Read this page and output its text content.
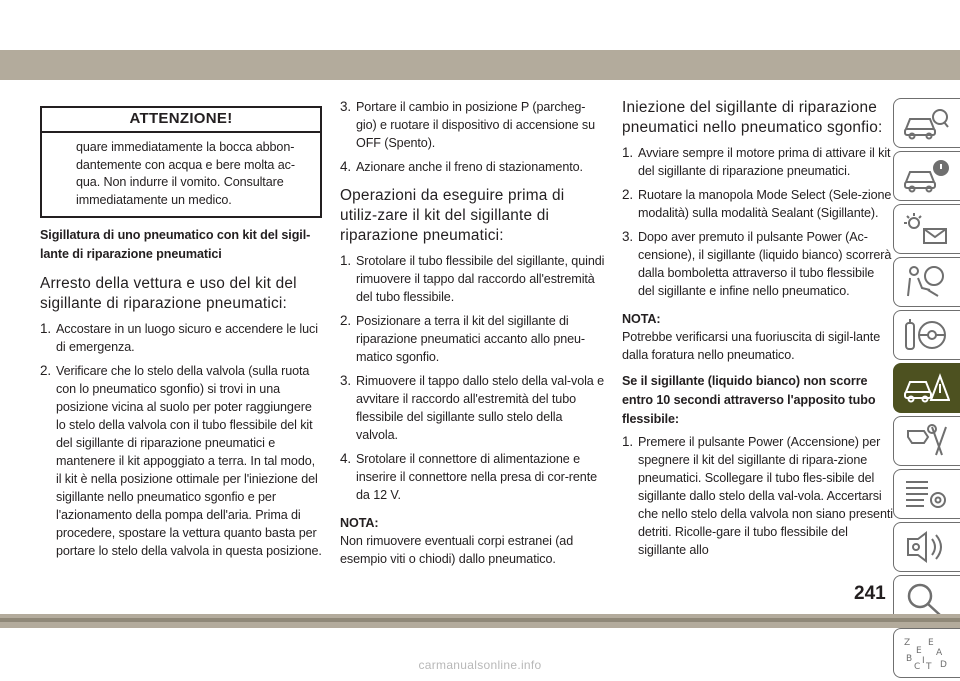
ATTENZIONE!
quare immediatamente la bocca abbon-dantemente con acqua e bere molta ac-qua. Non indurre il vomito. Consultare immediatamente un medico.
Sigillatura di uno pneumatico con kit del sigil-lante di riparazione pneumatici
Arresto della vettura e uso del kit del sigillante di riparazione pneumatici:
1. Accostare in un luogo sicuro e accendere le luci di emergenza.
2. Verificare che lo stelo della valvola (sulla ruota con lo pneumatico sgonfio) si trovi in una posizione vicina al suolo per poter raggiungere lo stelo della valvola con il tubo flessibile del kit del sigillante di riparazione pneumatici e mantenere il kit appoggiato a terra. In tal modo, il kit è nella posizione ottimale per l'iniezione del sigillante nello pneumatico sgonfio e per l'azionamento della pompa dell'aria. Prima di procedere, spostare la vettura quanto basta per portare lo stelo della valvola in questa posizione.
3. Portare il cambio in posizione P (parcheg-gio) e ruotare il dispositivo di accensione su OFF (Spento).
4. Azionare anche il freno di stazionamento.
Operazioni da eseguire prima di utiliz-zare il kit del sigillante di riparazione pneumatici:
1. Srotolare il tubo flessibile del sigillante, quindi rimuovere il tappo dal raccordo all'estremità del tubo flessibile.
2. Posizionare a terra il kit del sigillante di riparazione pneumatici accanto allo pneu-matico sgonfio.
3. Rimuovere il tappo dallo stelo della val-vola e avvitare il raccordo all'estremità del tubo flessibile del sigillante sullo stelo della valvola.
4. Srotolare il connettore di alimentazione e inserire il connettore nella presa di cor-rente da 12 V.
NOTA:
Non rimuovere eventuali corpi estranei (ad esempio viti o chiodi) dallo pneumatico.
Iniezione del sigillante di riparazione pneumatici nello pneumatico sgonfio:
1. Avviare sempre il motore prima di attivare il kit del sigillante di riparazione pneumatici.
2. Ruotare la manopola Mode Select (Sele-zione modalità) sulla modalità Sealant (Sigillante).
3. Dopo aver premuto il pulsante Power (Ac-censione), il sigillante (liquido bianco) scorrerà dalla bomboletta attraverso il tubo flessibile del sigillante e infine nello pneumatico.
NOTA:
Potrebbe verificarsi una fuoriuscita di sigil-lante dalla foratura nello pneumatico.
Se il sigillante (liquido bianco) non scorre entro 10 secondi attraverso l'apposito tubo flessibile:
1. Premere il pulsante Power (Accensione) per spegnere il kit del sigillante di ripara-zione pneumatici. Scollegare il tubo fles-sibile del sigillante dallo stelo della val-vola. Accertarsi che nello stelo della valvola non siano presenti detriti. Ricolle-gare il tubo flessibile del sigillante allo
Z E
E A
B I
C T D
241
carmanualsonline.info
